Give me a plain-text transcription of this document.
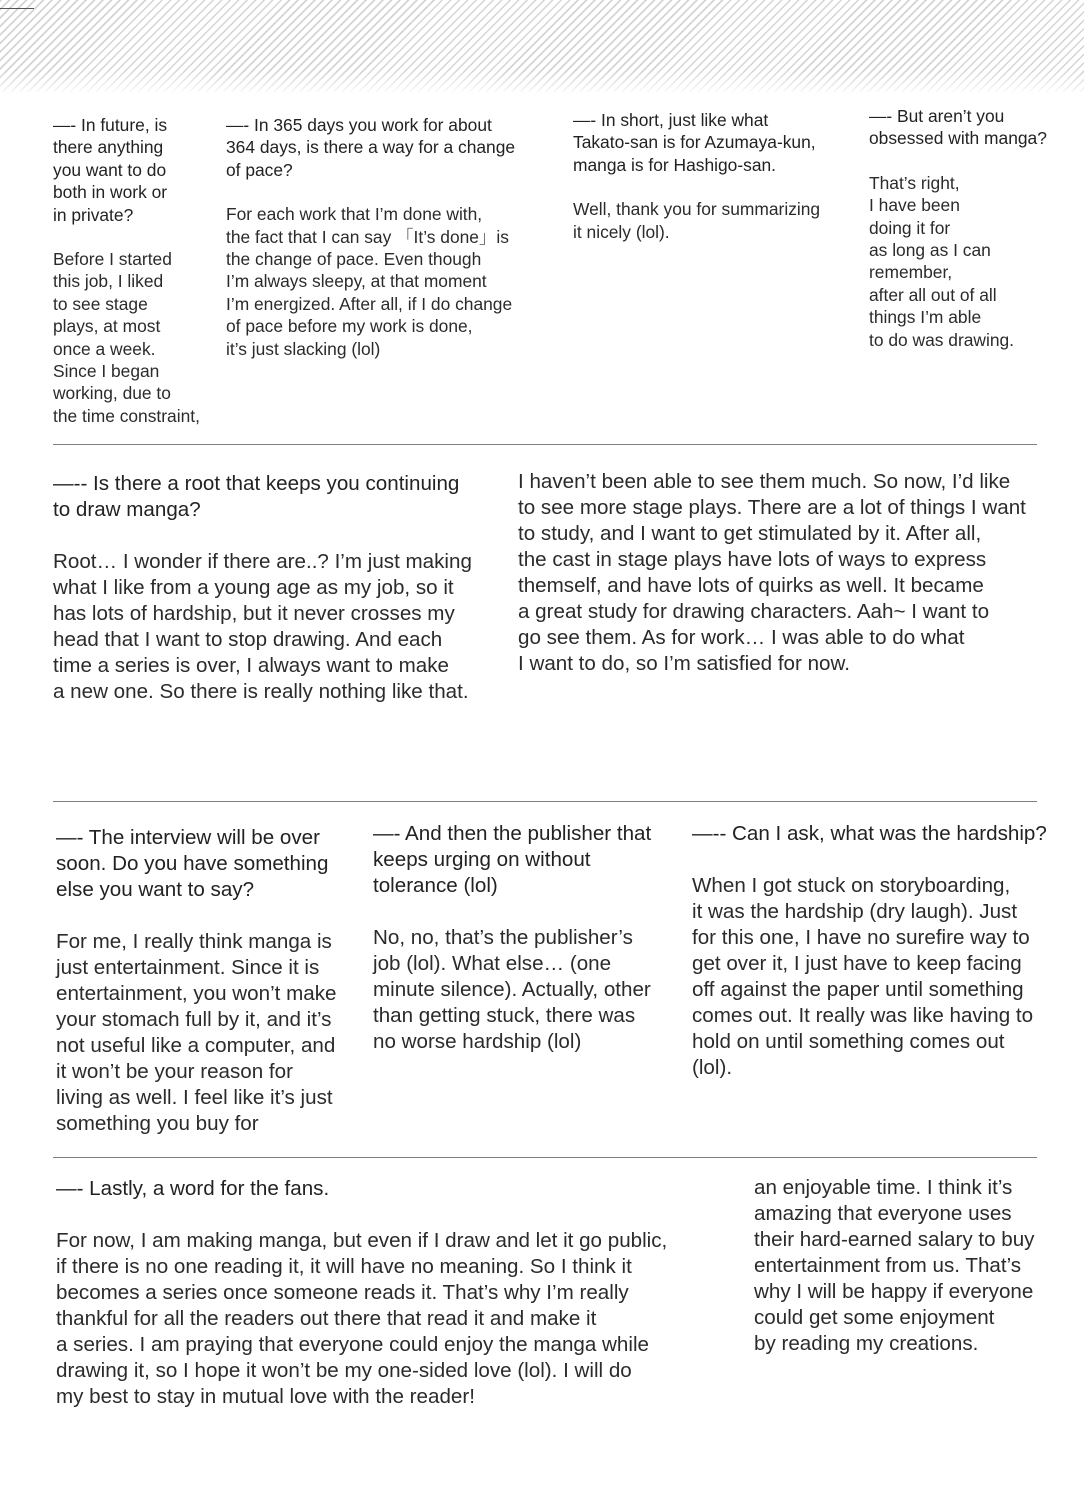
—- In future, is
there anything
you want to do
both in work or
in private?

Before I started
this job, I liked
to see stage
plays, at most
once a week.
Since I began
working, due to
the time constraint,

—- In 365 days you work for about
364 days, is there a way for a change
of pace?

For each work that I’m done with,
the fact that I can say 「It’s done」is
the change of pace. Even though
I’m always sleepy, at that moment
I’m energized. After all, if I do change
of pace before my work is done,
it’s just slacking (lol)

—- In short, just like what
Takato-san is for Azumaya-kun,
manga is for Hashigo-san.

Well, thank you for summarizing
it nicely (lol).

—- But aren’t you
obsessed with manga?

That’s right,
I have been
doing it for
as long as I can
remember,
after all out of all
things I’m able
to do was drawing.

—-- Is there a root that keeps you continuing
to draw manga?

Root… I wonder if there are..? I’m just making
what I like from a young age as my job, so it
has lots of hardship, but it never crosses my
head that I want to stop drawing. And each
time a series is over, I always want to make
a new one. So there is really nothing like that.

I haven’t been able to see them much. So now, I’d like
to see more stage plays. There are a lot of things I want
to study, and I want to get stimulated by it. After all,
the cast in stage plays have lots of ways to express
themself, and have lots of quirks as well. It became
a great study for drawing characters. Aah~ I want to
go see them. As for work… I was able to do what
I want to do, so I’m satisfied for now.

—- The interview will be over
soon. Do you have something
else you want to say?

For me, I really think manga is
just entertainment. Since it is
entertainment, you won’t make
your stomach full by it, and it’s
not useful like a computer, and
it won’t be your reason for
living as well. I feel like it’s just
something you buy for

—- And then the publisher that
keeps urging on without
tolerance (lol)

No, no, that’s the publisher’s
job (lol). What else… (one
minute silence). Actually, other
than getting stuck, there was
no worse hardship (lol)

—-- Can I ask, what was the hardship?

When I got stuck on storyboarding,
it was the hardship (dry laugh). Just
for this one, I have no surefire way to
get over it, I just have to keep facing
off against the paper until something
comes out. It really was like having to
hold on until something comes out
(lol).

—- Lastly, a word for the fans.

For now, I am making manga, but even if I draw and let it go public,
if there is no one reading it, it will have no meaning. So I think it
becomes a series once someone reads it. That’s why I’m really
thankful for all the readers out there that read it and make it
a series. I am praying that everyone could enjoy the manga while
drawing it, so I hope it won’t be my one-sided love (lol). I will do
my best to stay in mutual love with the reader!

an enjoyable time. I think it’s
amazing that everyone uses
their hard-earned salary to buy
entertainment from us. That’s
why I will be happy if everyone
could get some enjoyment
by reading my creations.
